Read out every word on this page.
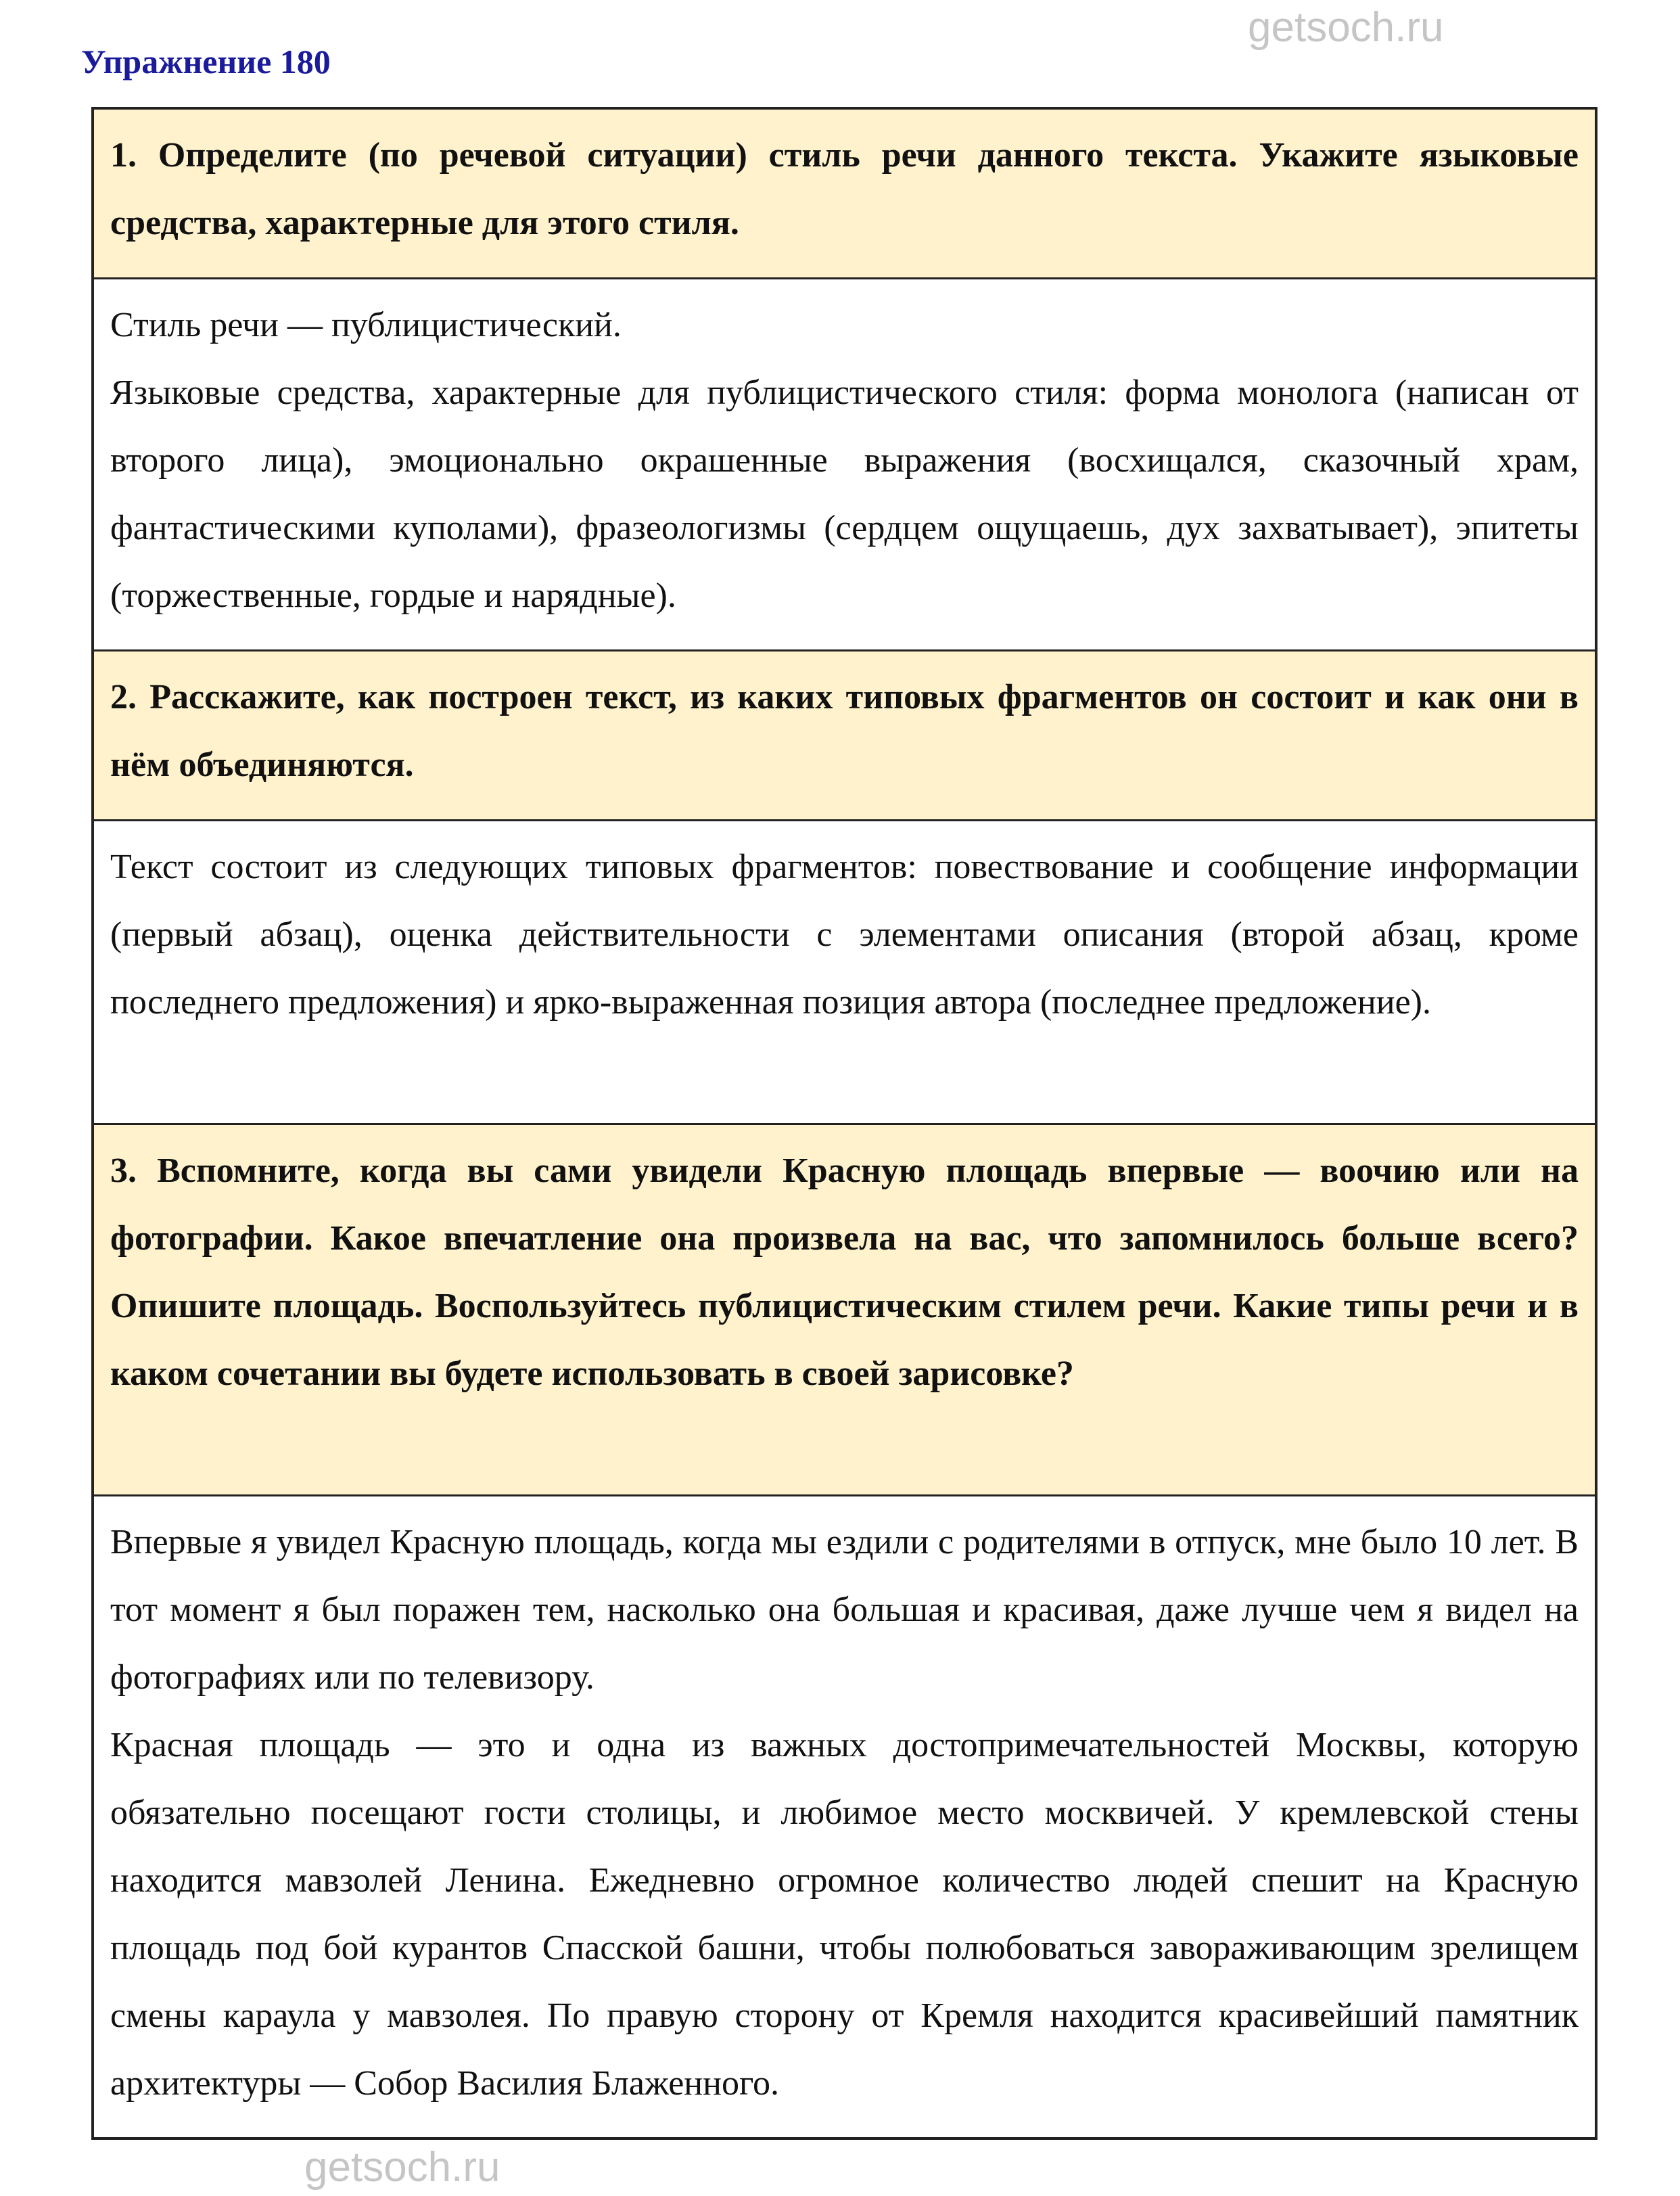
Упражнение 180

1. Определите (по речевой ситуации) стиль речи данного текста. Укажите языковые средства, характерные для этого стиля.

Стиль речи — публицистический.

Языковые средства, характерные для публицистического стиля: форма монолога (написан от второго лица), эмоционально окрашенные выражения (восхищался, сказочный храм, фантастическими куполами), фразеологизмы (сердцем ощущаешь, дух захватывает), эпитеты (торжественные, гордые и нарядные).

2. Расскажите, как построен текст, из каких типовых фрагментов он состоит и как они в нём объединяются.

Текст состоит из следующих типовых фрагментов: повествование и сообщение информации (первый абзац), оценка действительности с элементами описания (второй абзац, кроме последнего предложения) и ярко-выраженная позиция автора (последнее предложение).

3. Вспомните, когда вы сами увидели Красную площадь впервые — воочию или на фотографии. Какое впечатление она произвела на вас, что запомнилось больше всего? Опишите площадь. Воспользуйтесь публицистическим стилем речи. Какие типы речи и в каком сочетании вы будете использовать в своей зарисовке?

Впервые я увидел Красную площадь, когда мы ездили с родителями в отпуск, мне было 10 лет. В тот момент я был поражен тем, насколько она большая и красивая, даже лучше чем я видел на фотографиях или по телевизору.

Красная площадь — это и одна из важных достопримечательностей Москвы, которую обязательно посещают гости столицы, и любимое место москвичей. У кремлевской стены находится мавзолей Ленина. Ежедневно огромное количество людей спешит на Красную площадь под бой курантов Спасской башни, чтобы полюбоваться завораживающим зрелищем смены караула у мавзолея. По правую сторону от Кремля находится красивейший памятник архитектуры — Собор Василия Блаженного.

getsoch.ru
getsoch.ru
